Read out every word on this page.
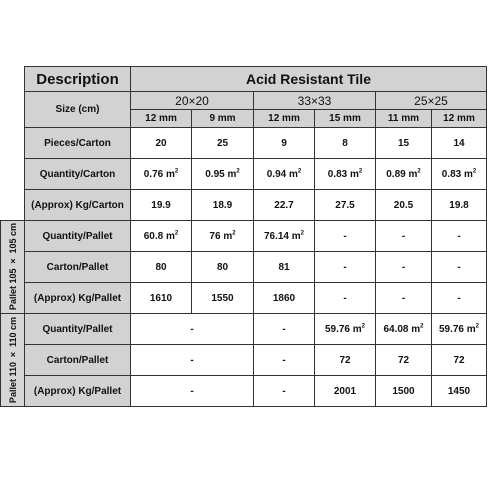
	Description	Acid Resistant Tile					
	Size (cm)	20×20		33×33		25×25	
		12 mm	9 mm	12 mm	15 mm	11 mm	12 mm
	Pieces/Carton	20	25	9	8	15	14
	Quantity/Carton	0.76 $m^2$	0.95 $m^2$	0.94 $m^2$	0.83 $m^2$	0.89 $m^2$	0.83 $m^2$
	(Approx) Kg/Carton	19.9	18.9	22.7	27.5	20.5	19.8

Pallet 105 × 105 cm	Quantity/Pallet	60.8 $m^2$	76 $m^2$	76.14 $m^2$	-	-	-
	Carton/Pallet	80	80	81	-	-	-
	(Approx) Kg/Pallet	1610	1550	1860	-	-	-

Pallet 110 × 110 cm	Quantity/Pallet	-		-	59.76 $m^2$	64.08 $m^2$	59.76 $m^2$
	Carton/Pallet	-		-	72	72	72
	(Approx) Kg/Pallet	-		-	2001	1500	1450
